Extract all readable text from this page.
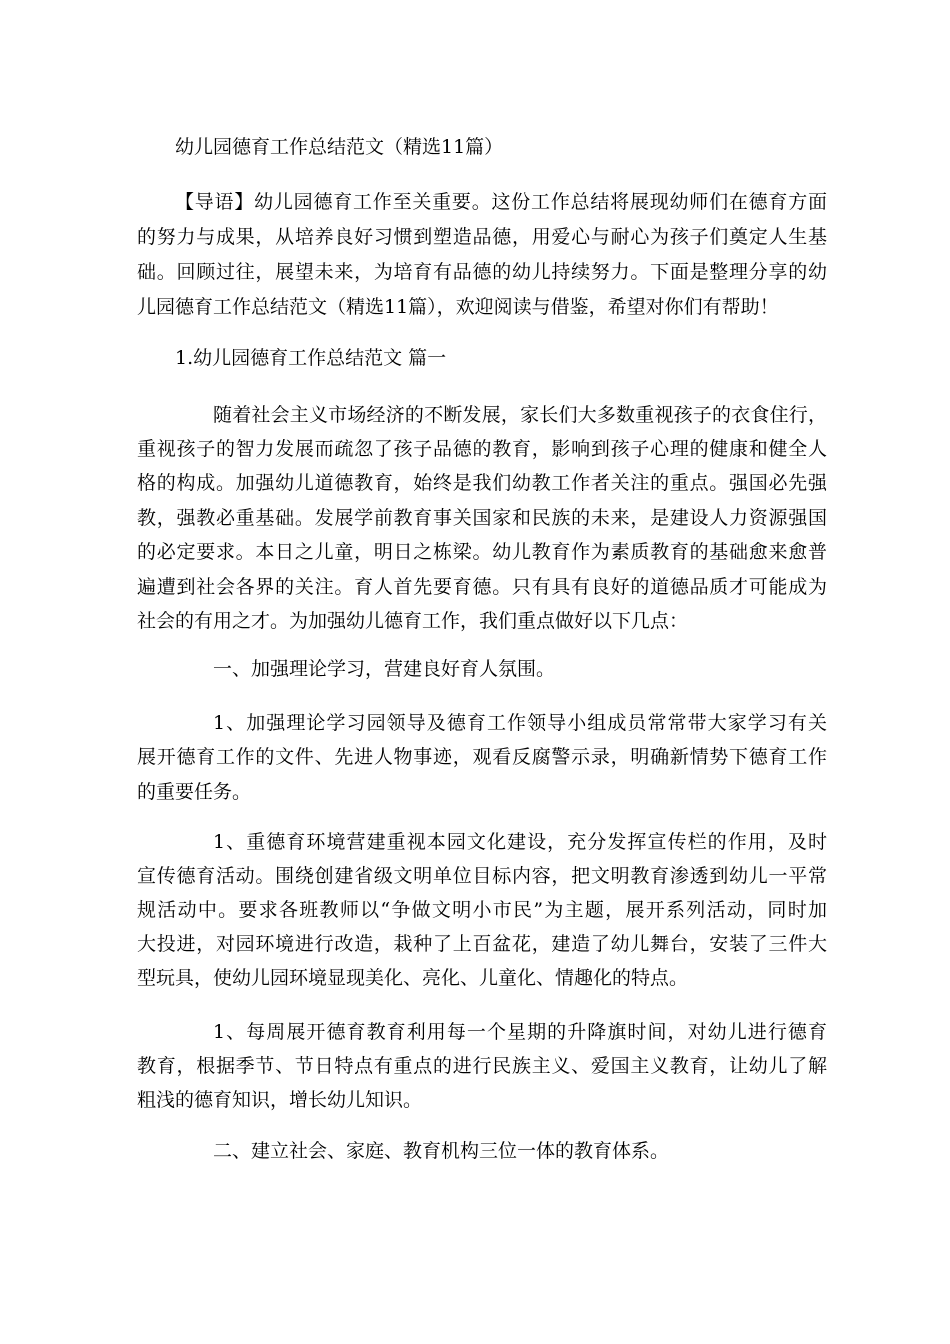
幼儿园德育工作总结范文（精选11篇）
【导语】幼儿园德育工作至关重要。这份工作总结将展现幼师们在德育方面
的努力与成果，从培养良好习惯到塑造品德，用爱心与耐心为孩子们奠定人生基
础。回顾过往，展望未来，为培育有品德的幼儿持续努力。下面是整理分享的幼
儿园德育工作总结范文（精选11篇），欢迎阅读与借鉴，希望对你们有帮助！
1.幼儿园德育工作总结范文 篇一
随着社会主义市场经济的不断发展，家长们大多数重视孩子的衣食住行，
重视孩子的智力发展而疏忽了孩子品德的教育，影响到孩子心理的健康和健全人
格的构成。加强幼儿道德教育，始终是我们幼教工作者关注的重点。强国必先强
教，强教必重基础。发展学前教育事关国家和民族的未来，是建设人力资源强国
的必定要求。本日之儿童，明日之栋梁。幼儿教育作为素质教育的基础愈来愈普
遍遭到社会各界的关注。育人首先要育德。只有具有良好的道德品质才可能成为
社会的有用之才。为加强幼儿德育工作，我们重点做好以下几点：
一、加强理论学习，营建良好育人氛围。
1、加强理论学习园领导及德育工作领导小组成员常常带大家学习有关
展开德育工作的文件、先进人物事迹，观看反腐警示录，明确新情势下德育工作
的重要任务。
1、重德育环境营建重视本园文化建设，充分发挥宣传栏的作用，及时
宣传德育活动。围绕创建省级文明单位目标内容，把文明教育渗透到幼儿一平常
规活动中。要求各班教师以“争做文明小市民”为主题，展开系列活动，同时加
大投进，对园环境进行改造，栽种了上百盆花，建造了幼儿舞台，安装了三件大
型玩具，使幼儿园环境显现美化、亮化、儿童化、情趣化的特点。
1、每周展开德育教育利用每一个星期的升降旗时间，对幼儿进行德育
教育，根据季节、节日特点有重点的进行民族主义、爱国主义教育，让幼儿了解
粗浅的德育知识，增长幼儿知识。
二、建立社会、家庭、教育机构三位一体的教育体系。
